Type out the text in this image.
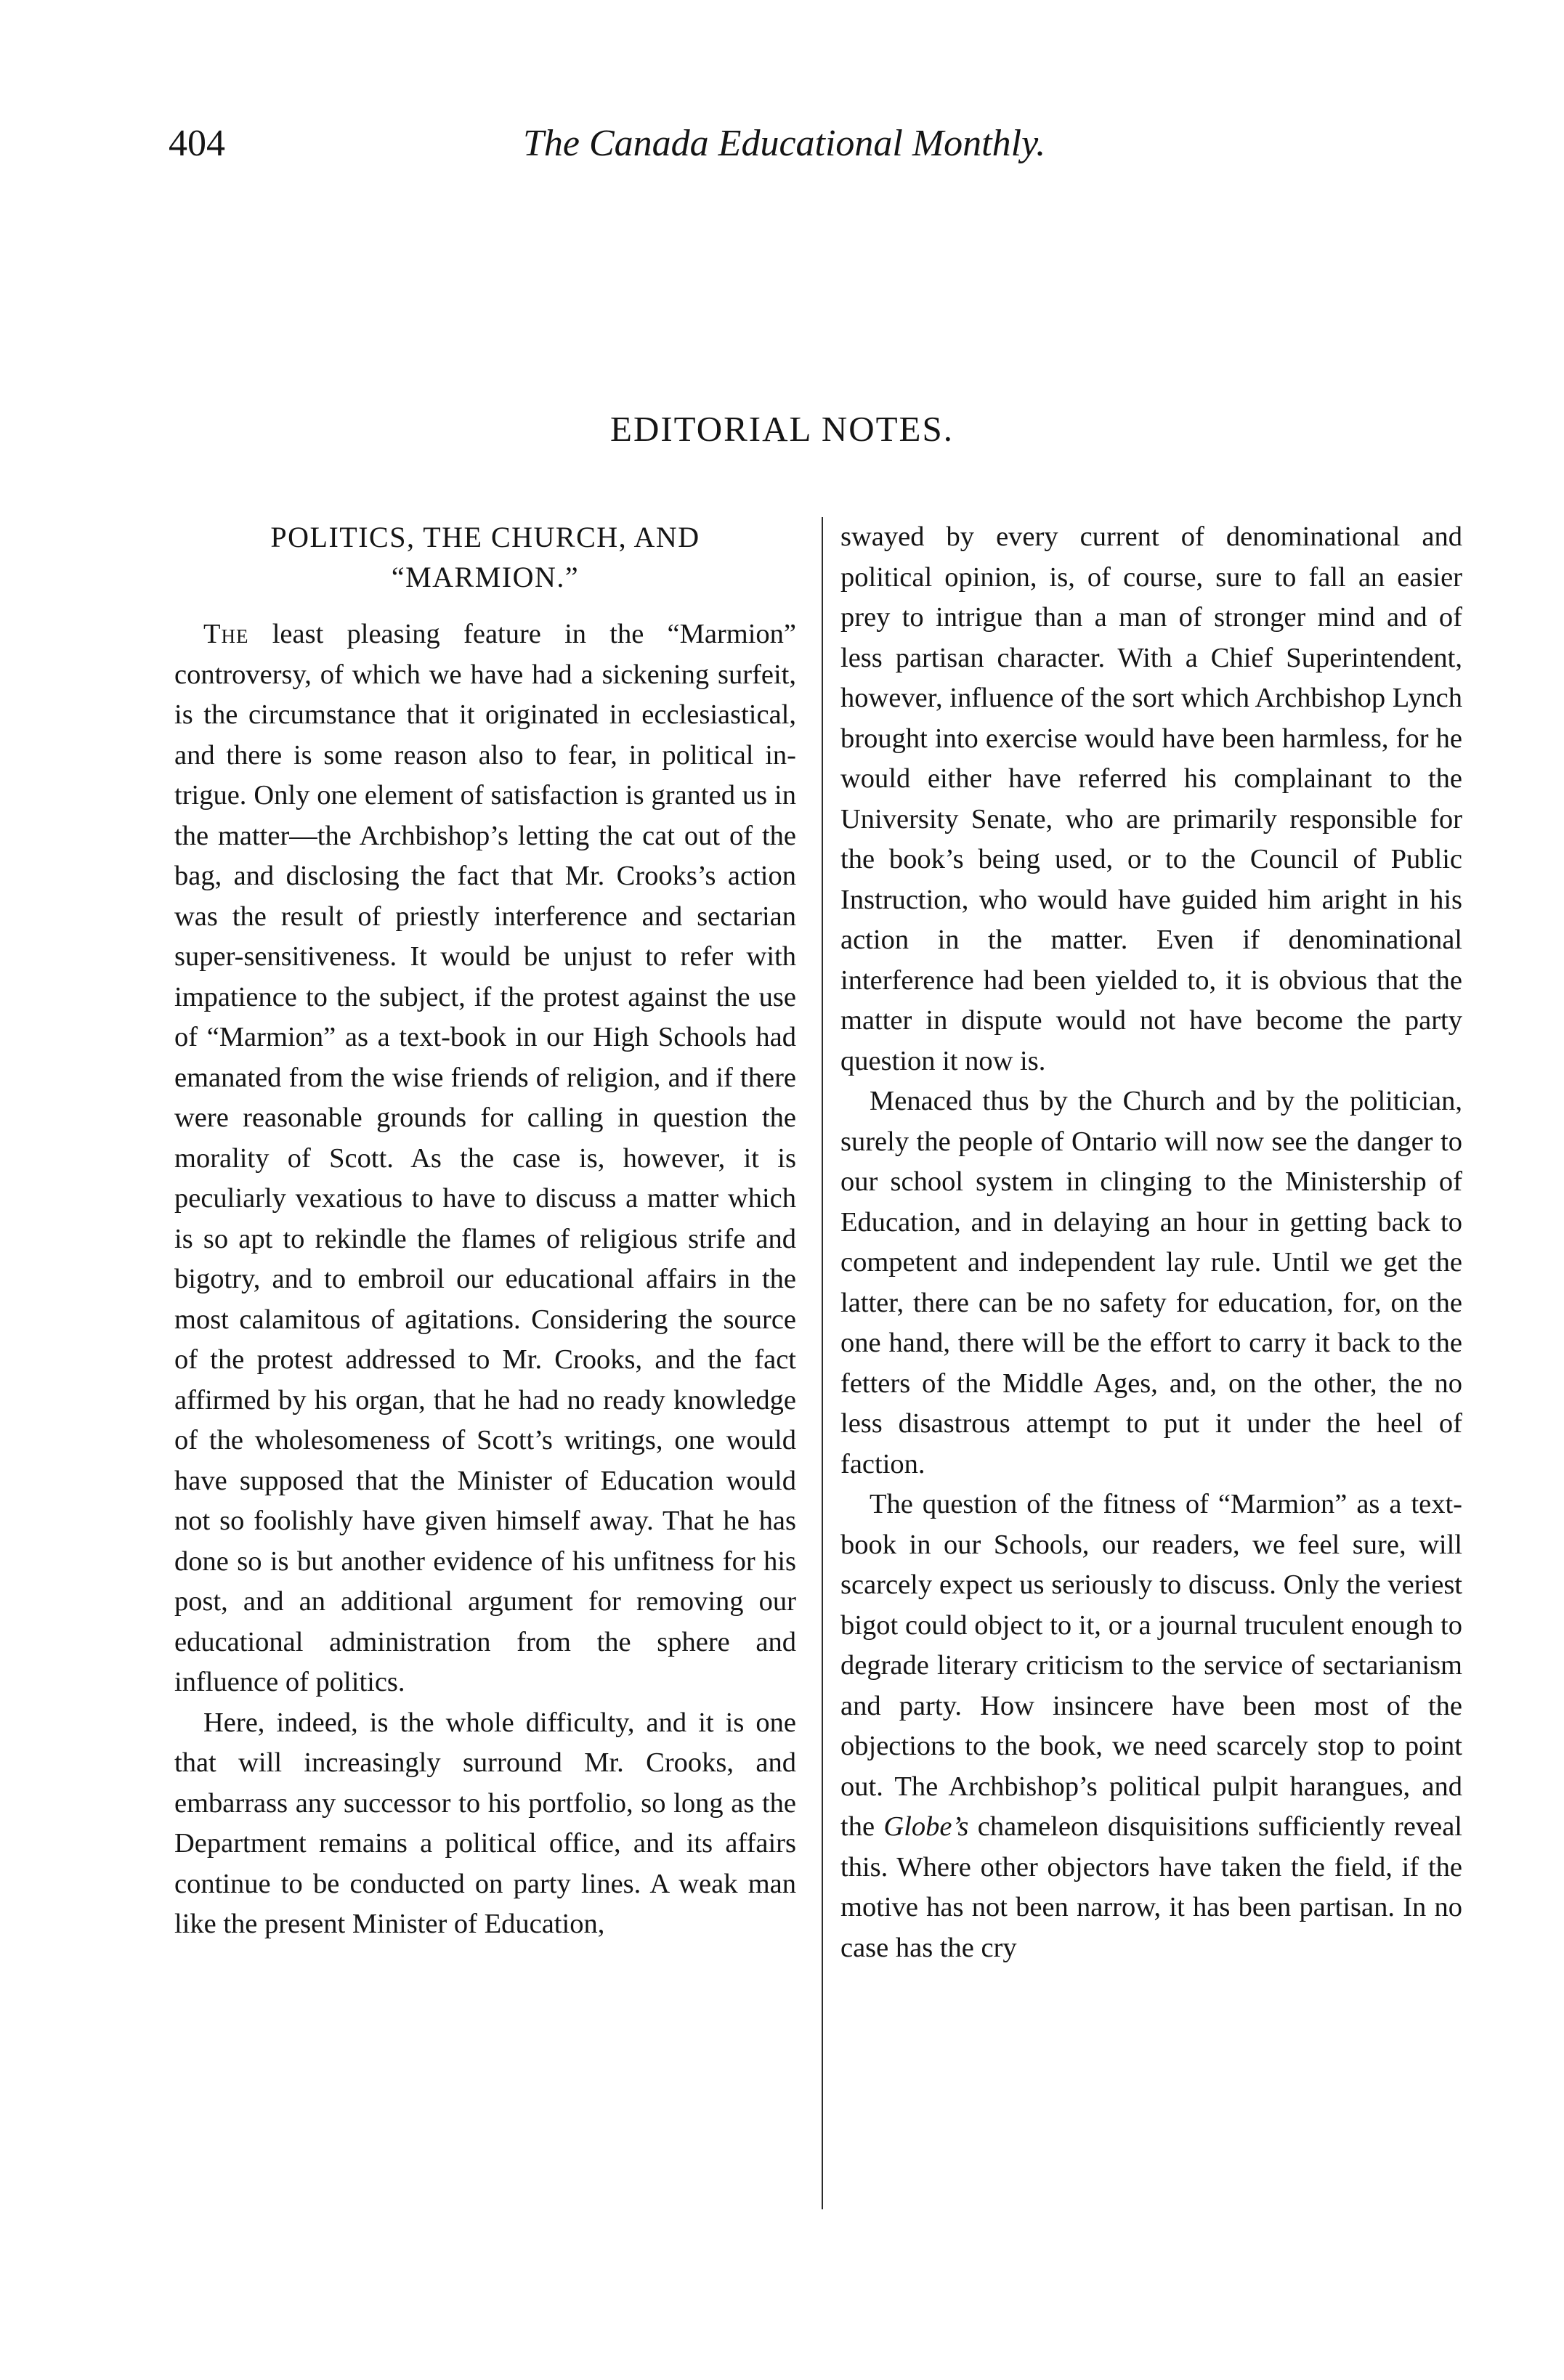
404	The Canada Educational Monthly.
EDITORIAL NOTES.
POLITICS, THE CHURCH, AND
“MARMION.”

The least pleasing feature in the “Marmion” controversy, of which we have had a sickening surfeit, is the circumstance that it originated in ecclesiastical, and there is some reason also to fear, in political intrigue. Only one element of satisfaction is granted us in the matter—the Archbishop’s letting the cat out of the bag, and disclosing the fact that Mr. Crooks’s action was the result of priestly interference and sectarian super-sensitiveness. It would be unjust to refer with impatience to the subject, if the protest against the use of “Marmion” as a text-book in our High Schools had emanated from the wise friends of religion, and if there were reasonable grounds for calling in question the morality of Scott. As the case is, however, it is peculiarly vexatious to have to discuss a matter which is so apt to rekindle the flames of religious strife and bigotry, and to embroil our educational affairs in the most calamitous of agitations. Considering the source of the protest addressed to Mr. Crooks, and the fact affirmed by his organ, that he had no ready knowledge of the wholesomeness of Scott’s writings, one would have supposed that the Minister of Education would not so foolishly have given himself away. That he has done so is but another evidence of his unfitness for his post, and an additional argument for removing our educational administration from the sphere and influence of politics.

Here, indeed, is the whole difficulty, and it is one that will increasingly surround Mr. Crooks, and embarrass any successor to his portfolio, so long as the Department remains a political office, and its affairs continue to be conducted on party lines. A weak man like the present Minister of Education,

swayed by every current of denominational and political opinion, is, of course, sure to fall an easier prey to intrigue than a man of stronger mind and of less partisan character. With a Chief Superintendent, however, influence of the sort which Archbishop Lynch brought into exercise would have been harmless, for he would either have referred his complainant to the University Senate, who are primarily responsible for the book’s being used, or to the Council of Public Instruction, who would have guided him aright in his action in the matter. Even if denominational interference had been yielded to, it is obvious that the matter in dispute would not have become the party question it now is.

Menaced thus by the Church and by the politician, surely the people of Ontario will now see the danger to our school system in clinging to the Ministership of Education, and in delaying an hour in getting back to competent and independent lay rule. Until we get the latter, there can be no safety for education, for, on the one hand, there will be the effort to carry it back to the fetters of the Middle Ages, and, on the other, the no less disastrous attempt to put it under the heel of faction.

The question of the fitness of “Marmion” as a text-book in our Schools, our readers, we feel sure, will scarcely expect us seriously to discuss. Only the veriest bigot could object to it, or a journal truculent enough to degrade literary criticism to the service of sectarianism and party. How insincere have been most of the objections to the book, we need scarcely stop to point out. The Archbishop’s political pulpit harangues, and the Globe’s chameleon disquisitions sufficiently reveal this. Where other objectors have taken the field, if the motive has not been narrow, it has been partisan. In no case has the cry
